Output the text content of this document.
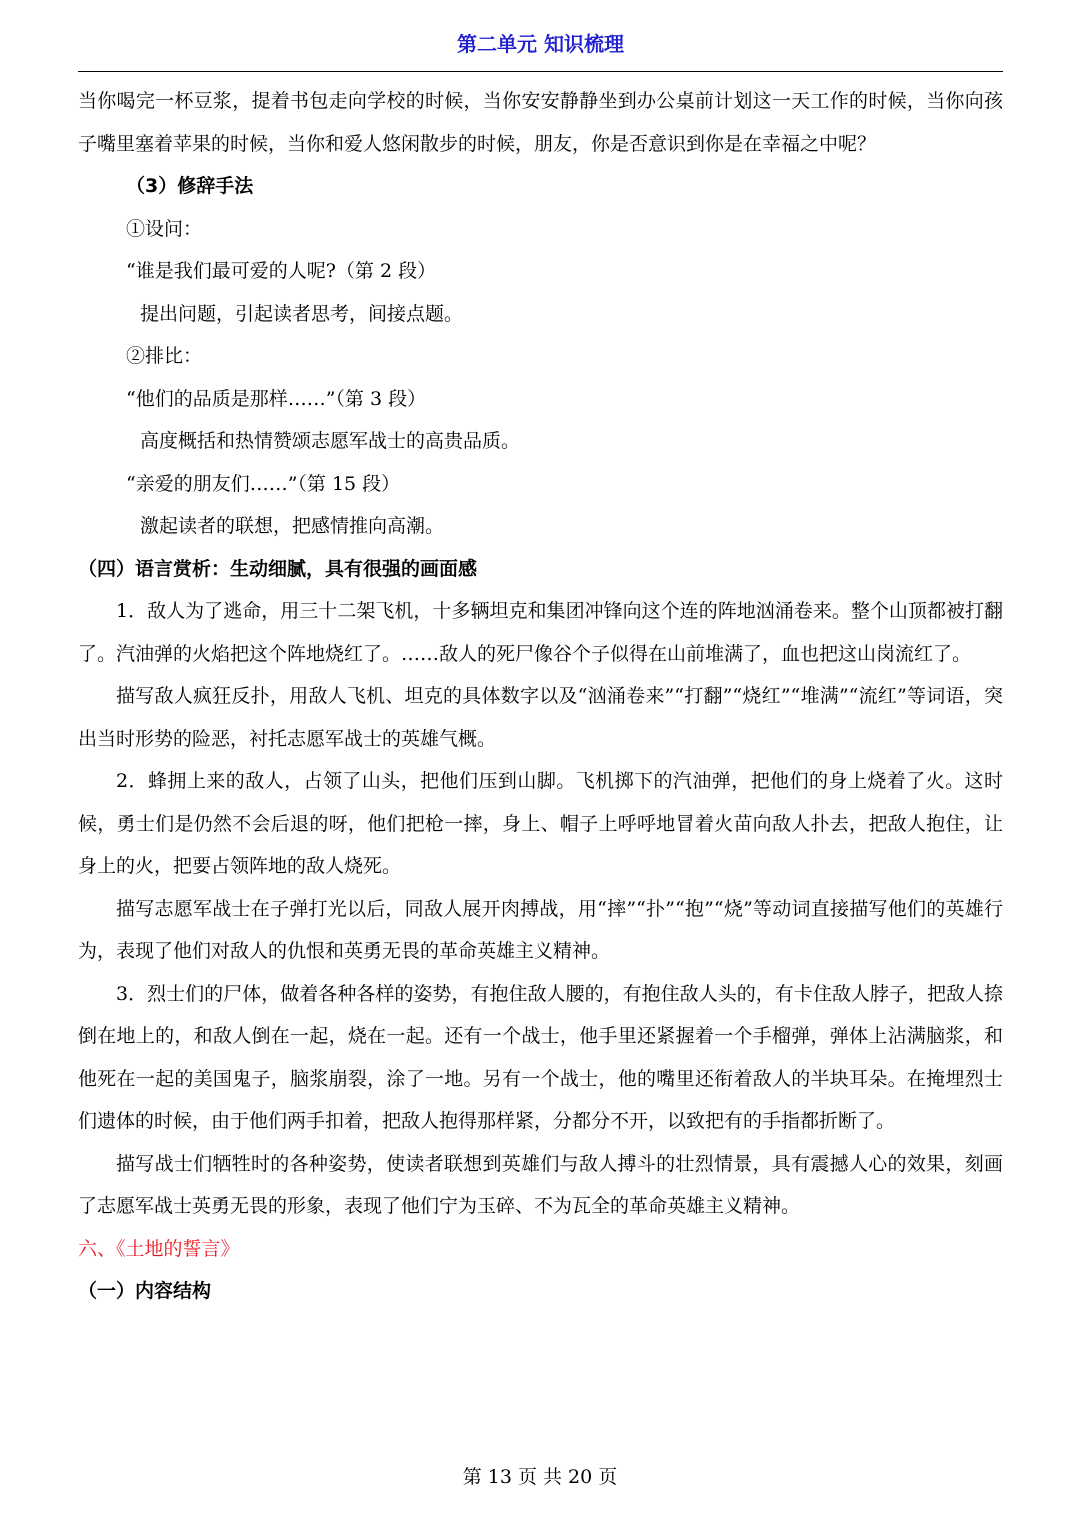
第二单元 知识梳理

当你喝完一杯豆浆，提着书包走向学校的时候，当你安安静静坐到办公桌前计划这一天工作的时候，当你向孩子嘴里塞着苹果的时候，当你和爱人悠闲散步的时候，朋友，你是否意识到你是在幸福之中呢？

（3）修辞手法

①设问：

“谁是我们最可爱的人呢?（第 2 段）

提出问题，引起读者思考，间接点题。

②排比：

“他们的品质是那样……”（第 3 段）

高度概括和热情赞颂志愿军战士的高贵品质。

“亲爱的朋友们……”（第 15 段）

激起读者的联想，把感情推向高潮。

（四）语言赏析：生动细腻，具有很强的画面感

1．敌人为了逃命，用三十二架飞机，十多辆坦克和集团冲锋向这个连的阵地汹涌卷来。整个山顶都被打翻了。汽油弹的火焰把这个阵地烧红了。……敌人的死尸像谷个子似得在山前堆满了，血也把这山岗流红了。

描写敌人疯狂反扑，用敌人飞机、坦克的具体数字以及“汹涌卷来”“打翻”“烧红”“堆满”“流红”等词语，突出当时形势的险恶，衬托志愿军战士的英雄气概。

2．蜂拥上来的敌人，占领了山头，把他们压到山脚。飞机掷下的汽油弹，把他们的身上烧着了火。这时候，勇士们是仍然不会后退的呀，他们把枪一摔，身上、帽子上呼呼地冒着火苗向敌人扑去，把敌人抱住，让身上的火，把要占领阵地的敌人烧死。

描写志愿军战士在子弹打光以后，同敌人展开肉搏战，用“摔”“扑”“抱”“烧”等动词直接描写他们的英雄行为，表现了他们对敌人的仇恨和英勇无畏的革命英雄主义精神。

3．烈士们的尸体，做着各种各样的姿势，有抱住敌人腰的，有抱住敌人头的，有卡住敌人脖子，把敌人捺倒在地上的，和敌人倒在一起，烧在一起。还有一个战士，他手里还紧握着一个手榴弹，弹体上沾满脑浆，和他死在一起的美国鬼子，脑浆崩裂，涂了一地。另有一个战士，他的嘴里还衔着敌人的半块耳朵。在掩埋烈士们遗体的时候，由于他们两手扣着，把敌人抱得那样紧，分都分不开，以致把有的手指都折断了。

描写战士们牺牲时的各种姿势，使读者联想到英雄们与敌人搏斗的壮烈情景，具有震撼人心的效果，刻画了志愿军战士英勇无畏的形象，表现了他们宁为玉碎、不为瓦全的革命英雄主义精神。

六、《土地的誓言》

（一）内容结构

第 13 页 共 20 页
